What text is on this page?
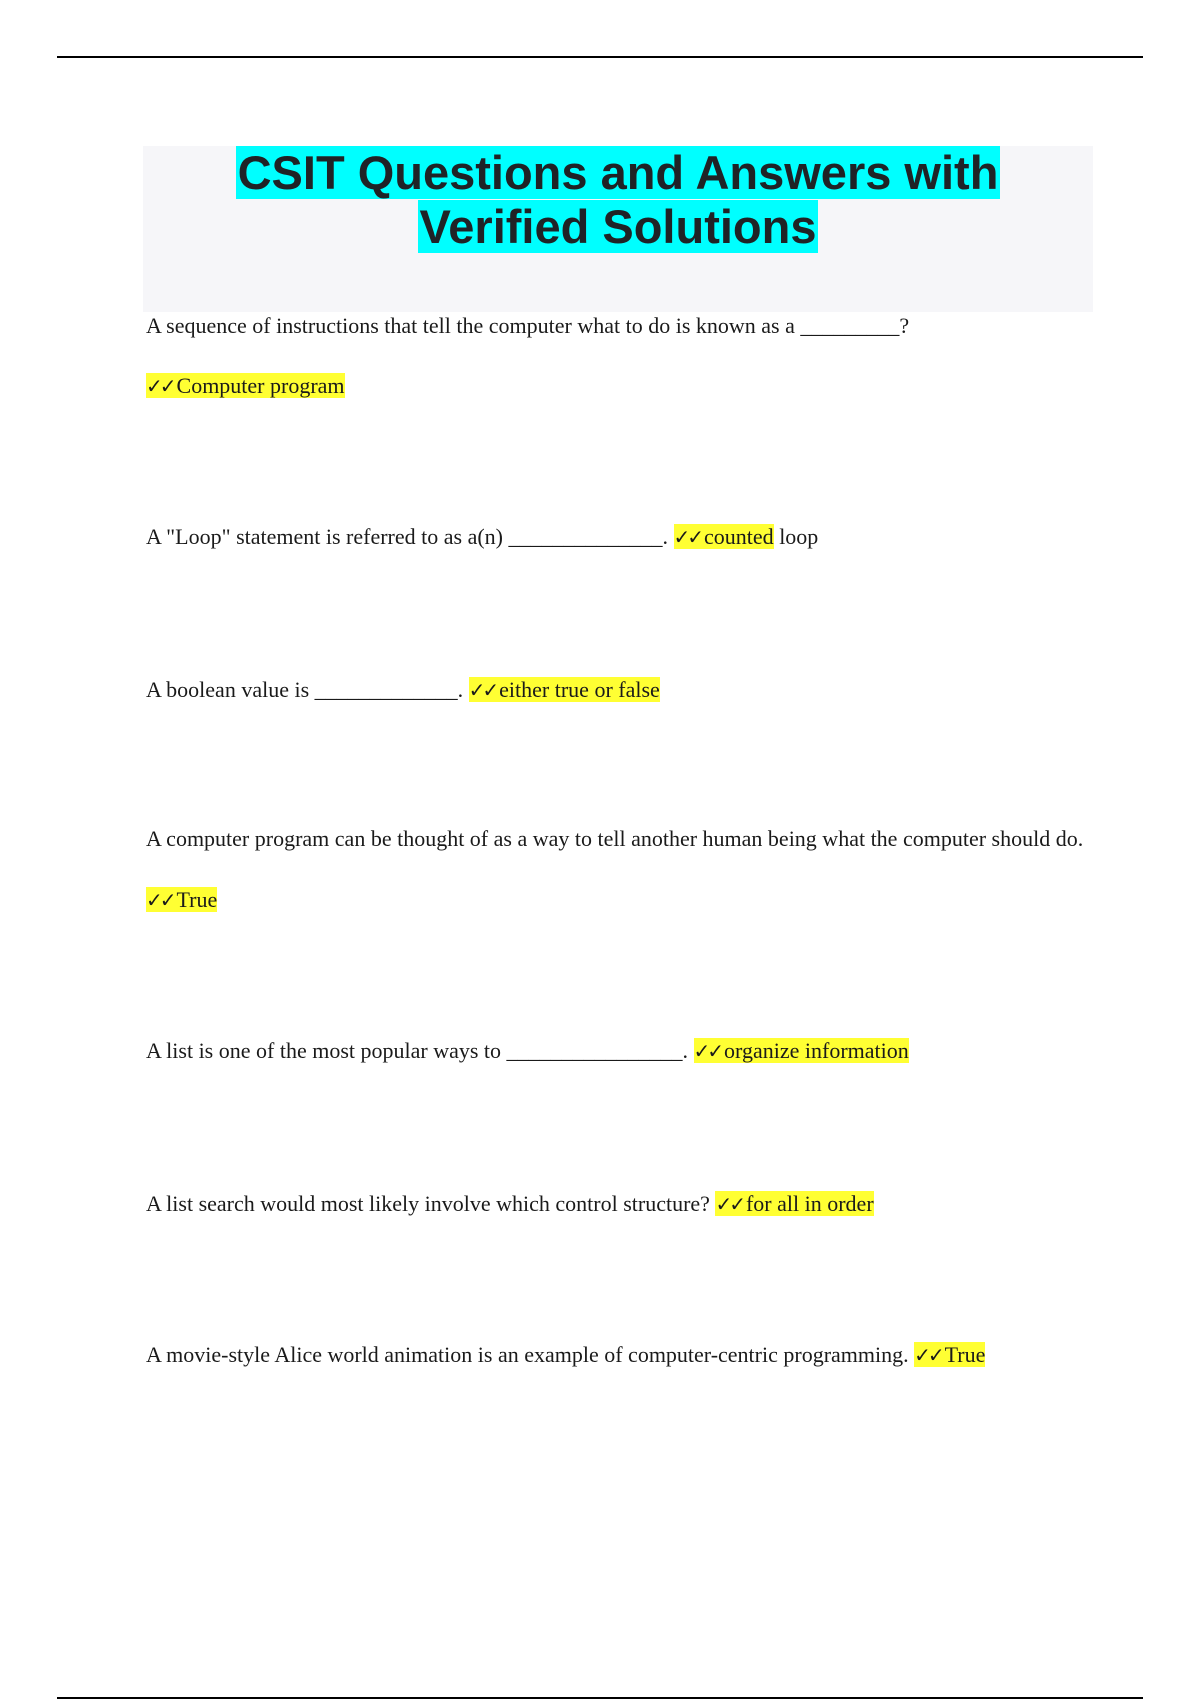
CSIT Questions and Answers with
Verified Solutions

A sequence of instructions that tell the computer what to do is known as a _________?

✓✓ Computer program

A "Loop" statement is referred to as a(n) ______________. ✓✓ counted loop

A boolean value is _____________. ✓✓ either true or false

A computer program can be thought of as a way to tell another human being what the computer should do. ✓✓ True

A list is one of the most popular ways to ________________. ✓✓ organize information

A list search would most likely involve which control structure? ✓✓ for all in order

A movie-style Alice world animation is an example of computer-centric programming. ✓✓ True
